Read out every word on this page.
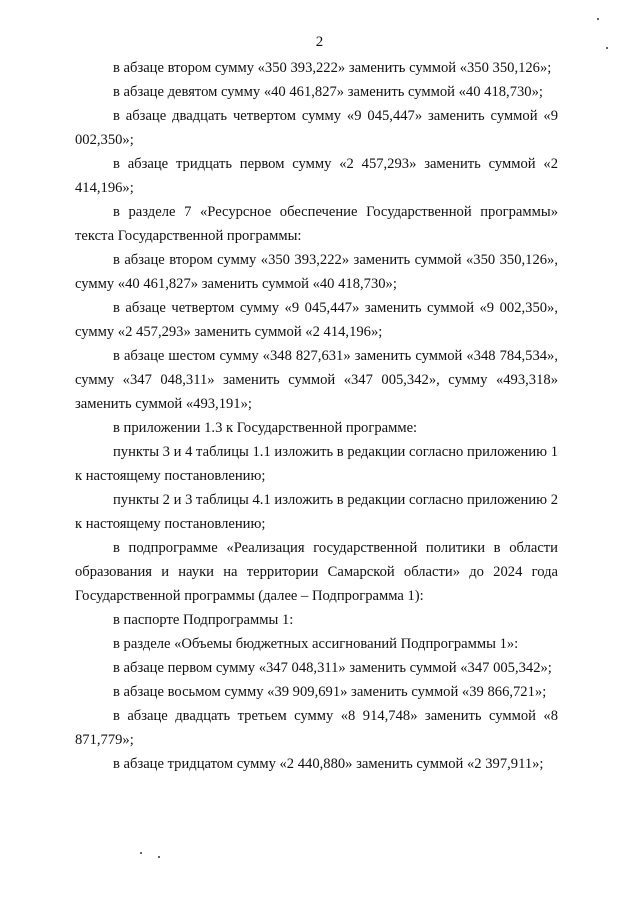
2

в абзаце втором сумму «350 393,222» заменить суммой «350 350,126»;

в абзаце девятом сумму «40 461,827» заменить суммой «40 418,730»;

в абзаце двадцать четвертом сумму «9 045,447» заменить суммой «9 002,350»;

в абзаце тридцать первом сумму «2 457,293» заменить суммой «2 414,196»;

в разделе 7 «Ресурсное обеспечение Государственной программы» текста Государственной программы:

в абзаце втором сумму «350 393,222» заменить суммой «350 350,126», сумму «40 461,827» заменить суммой «40 418,730»;

в абзаце четвертом сумму «9 045,447» заменить суммой «9 002,350», сумму «2 457,293» заменить суммой «2 414,196»;

в абзаце шестом сумму «348 827,631» заменить суммой «348 784,534», сумму «347 048,311» заменить суммой «347 005,342», сумму «493,318» заменить суммой «493,191»;

в приложении 1.3 к Государственной программе:

пункты 3 и 4 таблицы 1.1 изложить в редакции согласно приложению 1 к настоящему постановлению;

пункты 2 и 3 таблицы 4.1 изложить в редакции согласно приложению 2 к настоящему постановлению;

в подпрограмме «Реализация государственной политики в области образования и науки на территории Самарской области» до 2024 года Государственной программы (далее – Подпрограмма 1):

в паспорте Подпрограммы 1:

в разделе «Объемы бюджетных ассигнований Подпрограммы 1»:

в абзаце первом сумму «347 048,311» заменить суммой «347 005,342»;

в абзаце восьмом сумму «39 909,691» заменить суммой «39 866,721»;

в абзаце двадцать третьем сумму «8 914,748» заменить суммой «8 871,779»;

в абзаце тридцатом сумму «2 440,880» заменить суммой «2 397,911»;
